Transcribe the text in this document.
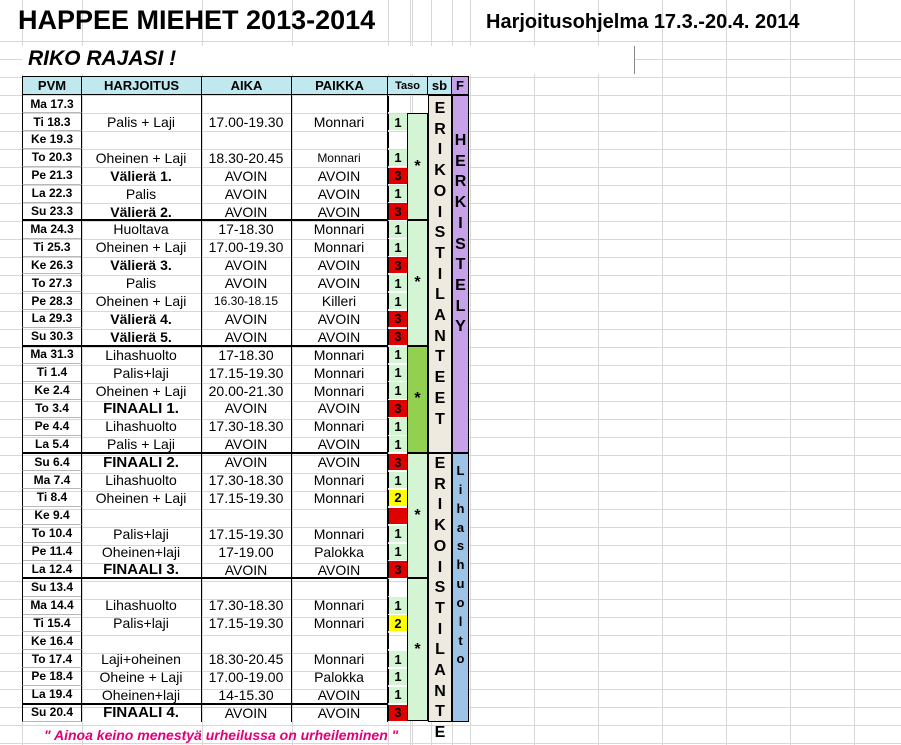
HAPPEE MIEHET 2013-2014	Harjoitusohjelma 17.3.-20.4. 2014
RIKO RAJASI !
PVM	HARJOITUS	AIKA	PAIKKA	Taso sb F
Ma 17.3
Ti 18.3	Palis + Laji	17.00-19.30	Monnari	1
Ke 19.3
To 20.3	Oheinen + Laji	18.30-20.45	Monnari	1
Pe 21.3	Välierä 1.	AVOIN	AVOIN	3
La 22.3	Palis	AVOIN	AVOIN	1
Su 23.3	Välierä 2.	AVOIN	AVOIN	3
Ma 24.3	Huoltava	17-18.30	Monnari	1
Ti 25.3	Oheinen + Laji	17.00-19.30	Monnari	1
Ke 26.3	Välierä 3.	AVOIN	AVOIN	3
To 27.3	Palis	AVOIN	AVOIN	1
Pe 28.3	Oheinen + Laji	16.30-18.15	Killeri	1
La 29.3	Välierä 4.	AVOIN	AVOIN	3
Su 30.3	Välierä 5.	AVOIN	AVOIN	3
Ma 31.3	Lihashuolto	17-18.30	Monnari	1
Ti 1.4	Palis+laji	17.15-19.30	Monnari	1
Ke 2.4	Oheinen + Laji	20.00-21.30	Monnari	1
To 3.4	FINAALI 1.	AVOIN	AVOIN	3
Pe 4.4	Lihashuolto	17.30-18.30	Monnari	1
La 5.4	Palis + Laji	AVOIN	AVOIN	1
Su 6.4	FINAALI 2.	AVOIN	AVOIN	3
Ma 7.4	Lihashuolto	17.30-18.30	Monnari	1
Ti 8.4	Oheinen + Laji	17.15-19.30	Monnari	2
Ke 9.4
To 10.4	Palis+laji	17.15-19.30	Monnari	1
Pe 11.4	Oheinen+laji	17-19.00	Palokka	1
La 12.4	FINAALI 3.	AVOIN	AVOIN	3
Su 13.4
Ma 14.4	Lihashuolto	17.30-18.30	Monnari	1
Ti 15.4	Palis+laji	17.15-19.30	Monnari	2
Ke 16.4
To 17.4	Laji+oheinen	18.30-20.45	Monnari	1
Pe 18.4	Oheine + Laji	17.00-19.00	Palokka	1
La 19.4	Oheinen+laji	14-15.30	AVOIN	1
Su 20.4	FINAALI 4.	AVOIN	AVOIN	3
*
*
*
*
*
E
R
I
K
O
I
S
T
I
L
A
N
T
E
E
T
E
R
I
K
O
I
S
T
I
L
A
N
T
E
H
E
R
K
I
S
T
E
L
Y
L
i
h
a
s
h
u
o
l
t
o
" Ainoa keino menestyä urheilussa on urheileminen "
